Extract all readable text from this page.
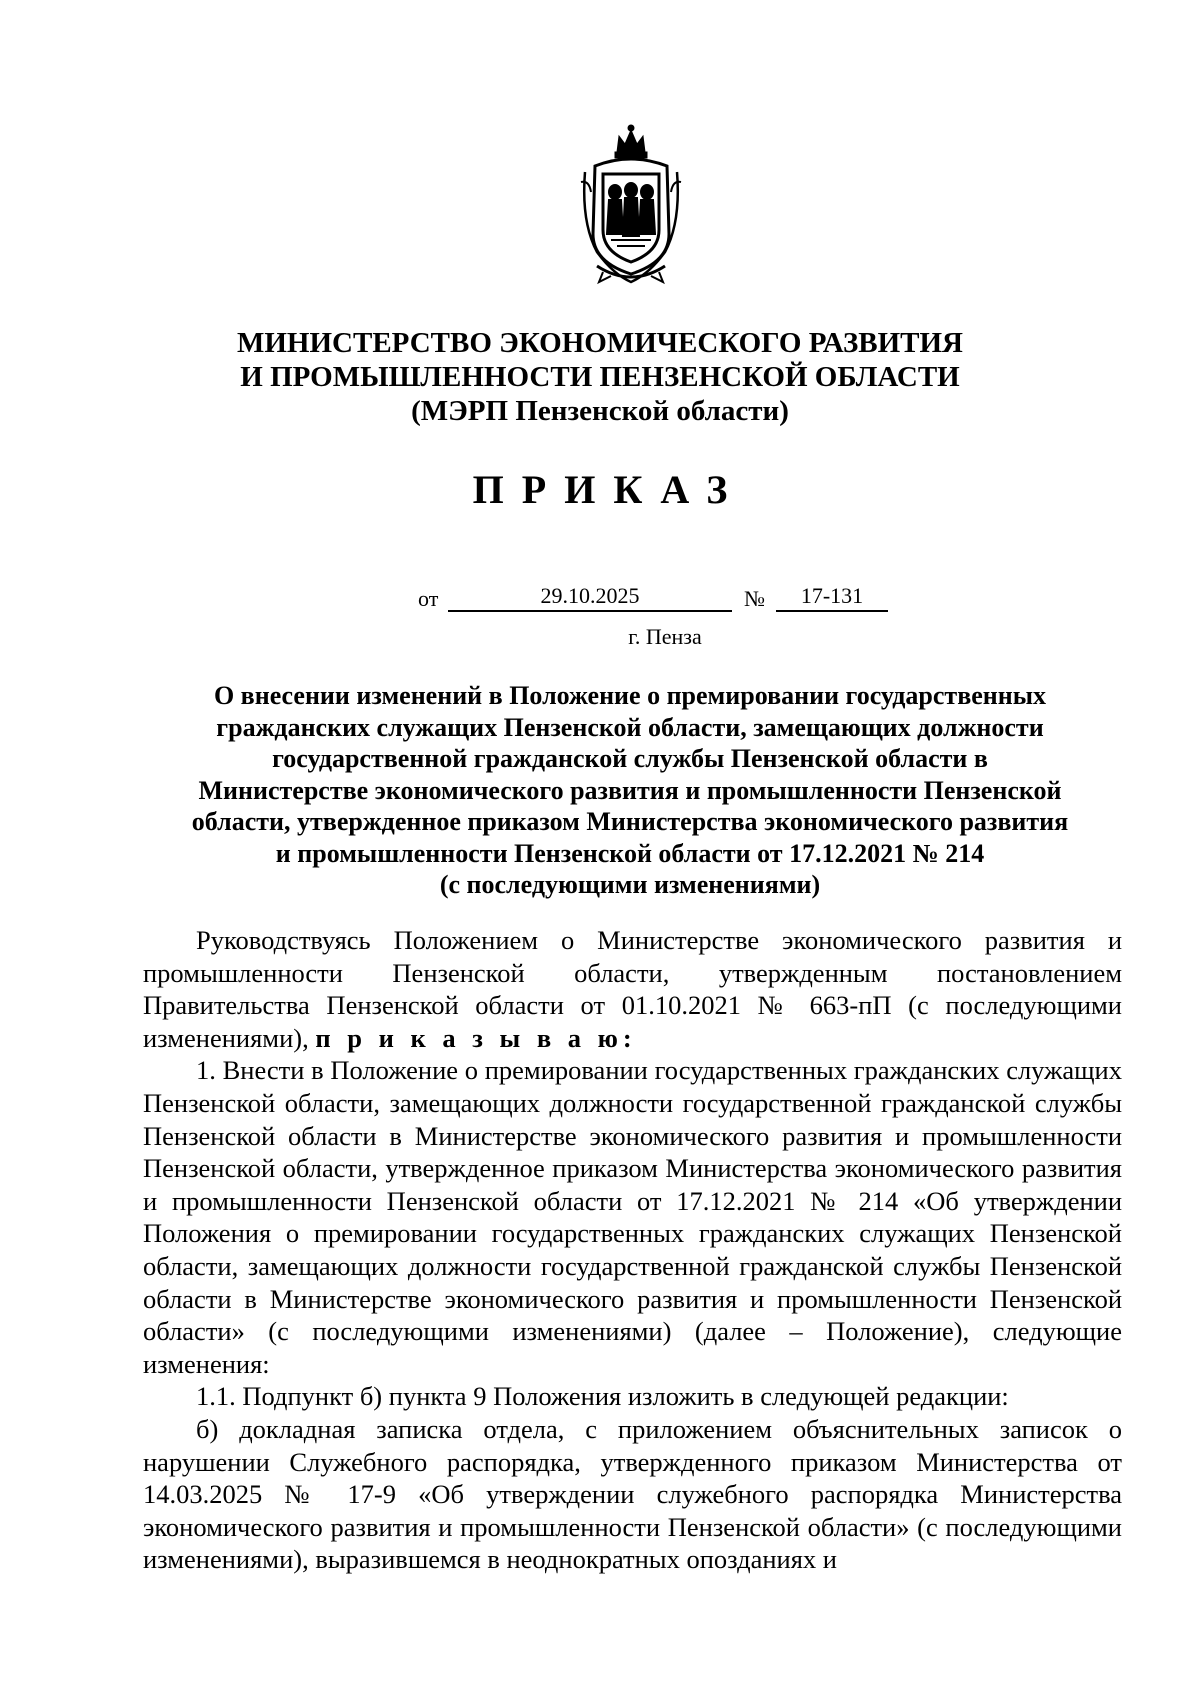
МИНИСТЕРСТВО ЭКОНОМИЧЕСКОГО РАЗВИТИЯ
И ПРОМЫШЛЕННОСТИ ПЕНЗЕНСКОЙ ОБЛАСТИ
(МЭРП Пензенской области)
ПРИКАЗ
от	29.10.2025	№	17-131
г. Пенза
О внесении изменений в Положение о премировании государственных
гражданских служащих Пензенской области, замещающих должности
государственной гражданской службы Пензенской области в
Министерстве экономического развития и промышленности Пензенской
области, утвержденное приказом Министерства экономического развития
и промышленности Пензенской области от 17.12.2021 № 214
(с последующими изменениями)

Руководствуясь Положением о Министерстве экономического развития и промышленности Пензенской области, утвержденным постановлением Правительства Пензенской области от 01.10.2021 № 663-пП (с последующими изменениями), п р и к а з ы в а ю:

1. Внести в Положение о премировании государственных гражданских служащих Пензенской области, замещающих должности государственной гражданской службы Пензенской области в Министерстве экономического развития и промышленности Пензенской области, утвержденное приказом Министерства экономического развития и промышленности Пензенской области от 17.12.2021 № 214 «Об утверждении Положения о премировании государственных гражданских служащих Пензенской области, замещающих должности государственной гражданской службы Пензенской области в Министерстве экономического развития и промышленности Пензенской области» (с последующими изменениями) (далее – Положение), следующие изменения:

1.1. Подпункт б) пункта 9 Положения изложить в следующей редакции:

б) докладная записка отдела, с приложением объяснительных записок о нарушении Служебного распорядка, утвержденного приказом Министерства от 14.03.2025 № 17-9 «Об утверждении служебного распорядка Министерства экономического развития и промышленности Пензенской области» (с последующими изменениями), выразившемся в неоднократных опозданиях и
